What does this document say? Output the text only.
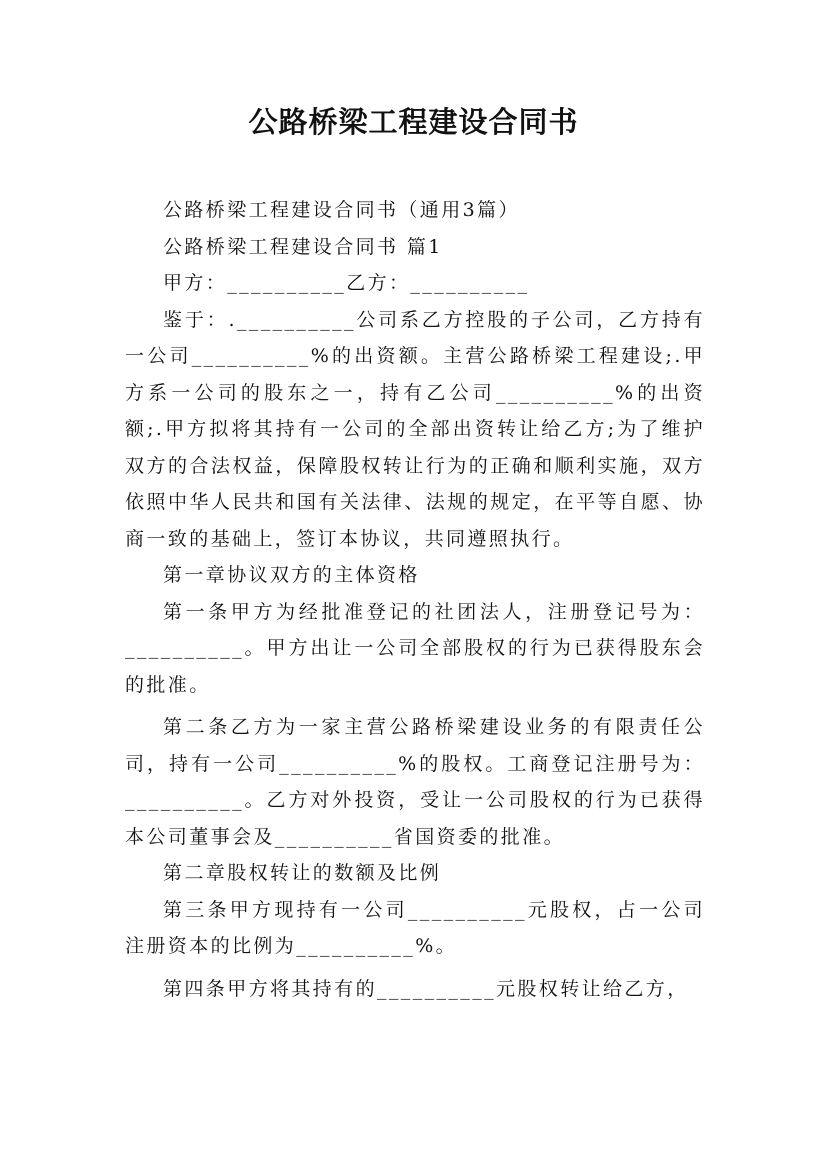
公路桥梁工程建设合同书

公路桥梁工程建设合同书（通用3篇）

公路桥梁工程建设合同书 篇1

甲方：__________乙方：__________

鉴于：.__________公司系乙方控股的子公司，乙方持有一公司__________%的出资额。主营公路桥梁工程建设;.甲方系一公司的股东之一，持有乙公司__________%的出资额;.甲方拟将其持有一公司的全部出资转让给乙方;为了维护双方的合法权益，保障股权转让行为的正确和顺利实施，双方依照中华人民共和国有关法律、法规的规定，在平等自愿、协商一致的基础上，签订本协议，共同遵照执行。

第一章协议双方的主体资格

第一条甲方为经批准登记的社团法人，注册登记号为：__________。甲方出让一公司全部股权的行为已获得股东会的批准。

第二条乙方为一家主营公路桥梁建设业务的有限责任公司，持有一公司__________%的股权。工商登记注册号为：__________。乙方对外投资，受让一公司股权的行为已获得本公司董事会及__________省国资委的批准。

第二章股权转让的数额及比例

第三条甲方现持有一公司__________元股权，占一公司注册资本的比例为__________%。

第四条甲方将其持有的__________元股权转让给乙方，
